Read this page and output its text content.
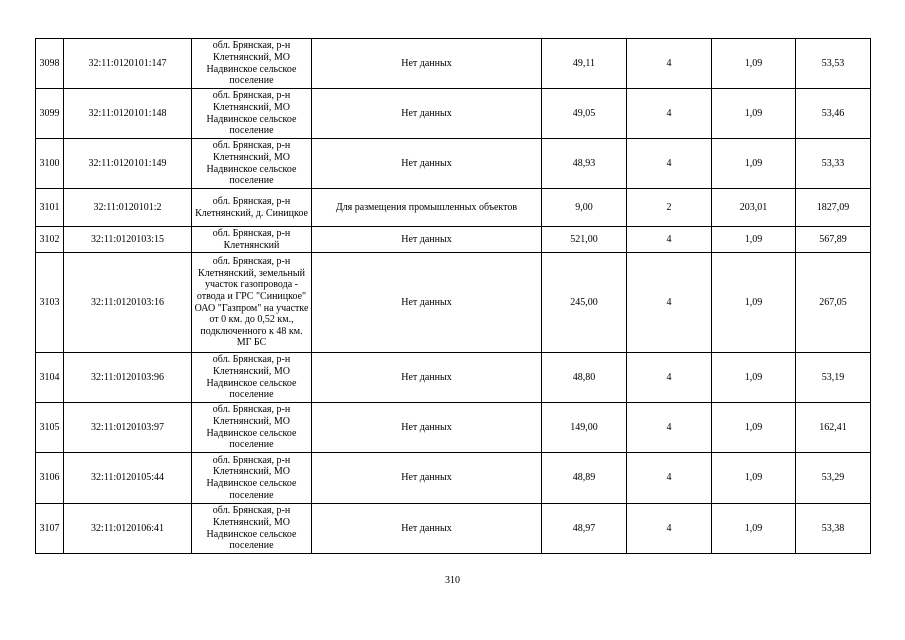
3098	32:11:0120101:147	обл. Брянская, р-н Клетнянский, МО Надвинское сельское поселение	Нет данных	49,11	4	1,09	53,53
3099	32:11:0120101:148	обл. Брянская, р-н Клетнянский, МО Надвинское сельское поселение	Нет данных	49,05	4	1,09	53,46
3100	32:11:0120101:149	обл. Брянская, р-н Клетнянский, МО Надвинское сельское поселение	Нет данных	48,93	4	1,09	53,33
3101	32:11:0120101:2	обл. Брянская, р-н Клетнянский, д. Синицкое	Для размещения промышленных объектов	9,00	2	203,01	1827,09
3102	32:11:0120103:15	обл. Брянская, р-н Клетнянский	Нет данных	521,00	4	1,09	567,89
3103	32:11:0120103:16	обл. Брянская, р-н Клетнянский, земельный участок газопровода - отвода и ГРС "Синицкое" ОАО "Газпром" на участке от 0 км. до 0,52 км., подключенного к 48 км. МГ БС	Нет данных	245,00	4	1,09	267,05
3104	32:11:0120103:96	обл. Брянская, р-н Клетнянский, МО Надвинское сельское поселение	Нет данных	48,80	4	1,09	53,19
3105	32:11:0120103:97	обл. Брянская, р-н Клетнянский, МО Надвинское сельское поселение	Нет данных	149,00	4	1,09	162,41
3106	32:11:0120105:44	обл. Брянская, р-н Клетнянский, МО Надвинское сельское поселение	Нет данных	48,89	4	1,09	53,29
3107	32:11:0120106:41	обл. Брянская, р-н Клетнянский, МО Надвинское сельское поселение	Нет данных	48,97	4	1,09	53,38
310
